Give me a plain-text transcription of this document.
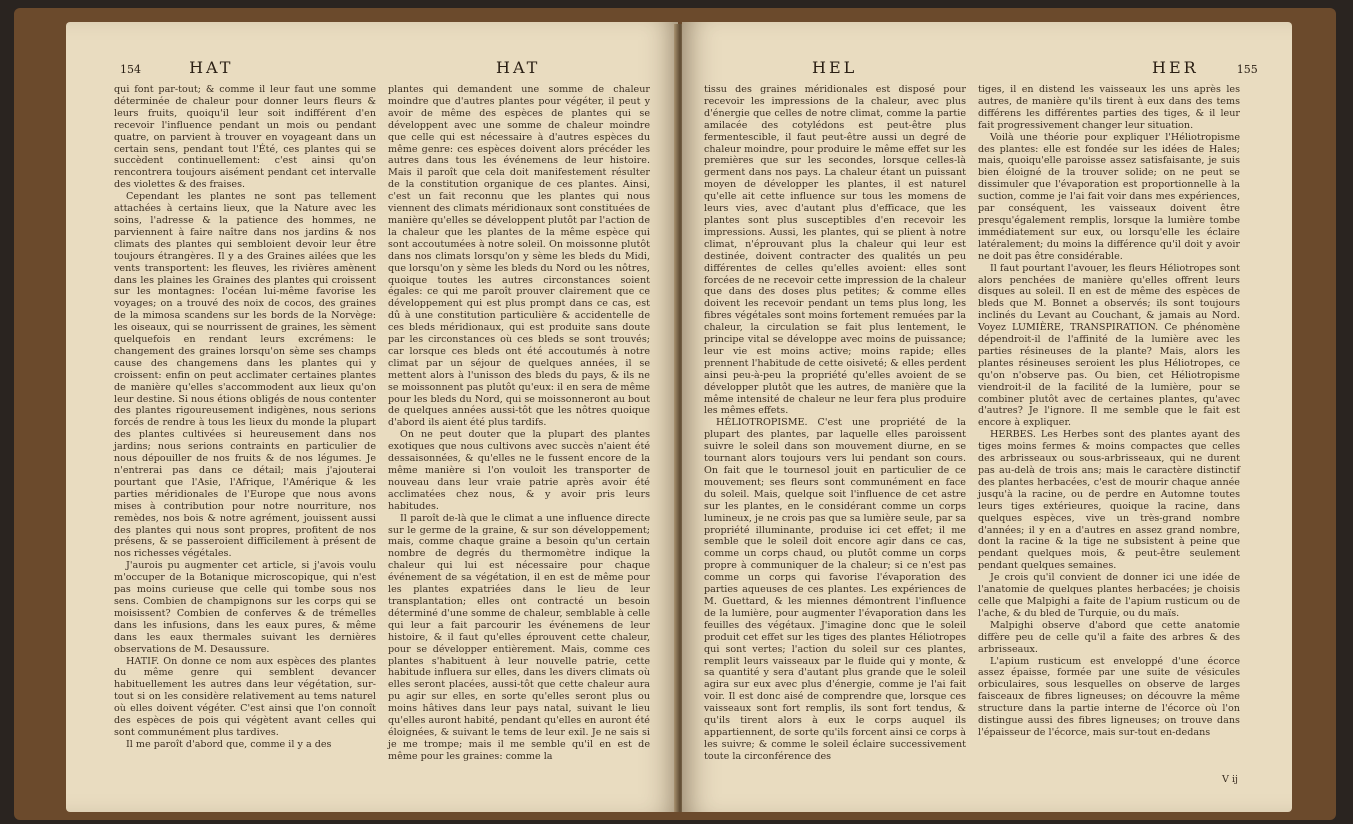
154	HAT	HAT

qui font par-tout; & comme il leur faut une somme déterminée de chaleur pour donner leurs fleurs & leurs fruits, quoiqu'il leur soit indifférent d'en recevoir l'influence pendant un mois ou pendant quatre, on parvient à trouver en voyageant dans un certain sens, pendant tout l'Été, ces plantes qui se succèdent continuellement: c'est ainsi qu'on rencontrera toujours aisément pendant cet intervalle des violettes & des fraises.

Cependant les plantes ne sont pas tellement attachées à certains lieux, que la Nature avec les soins, l'adresse & la patience des hommes, ne parviennent à faire naître dans nos jardins & nos climats des plantes qui sembloient devoir leur être toujours étrangères. Il y a des Graines ailées que les vents transportent: les fleuves, les rivières amènent dans les plaines les Graines des plantes qui croissent sur les montagnes: l'océan lui-même favorise les voyages; on a trouvé des noix de cocos, des graines de la mimosa scandens sur les bords de la Norvège: les oiseaux, qui se nourrissent de graines, les sèment quelquefois en rendant leurs excrémens: le changement des graines lorsqu'on sème ses champs cause des changemens dans les plantes qui y croissent: enfin on peut acclimater certaines plantes de manière qu'elles s'accommodent aux lieux qu'on leur destine. Si nous étions obligés de nous contenter des plantes rigoureusement indigènes, nous serions forcés de rendre à tous les lieux du monde la plupart des plantes cultivées si heureusement dans nos jardins; nous serions contraints en particulier de nous dépouiller de nos fruits & de nos légumes. Je n'entrerai pas dans ce détail; mais j'ajouterai pourtant que l'Asie, l'Afrique, l'Amérique & les parties méridionales de l'Europe que nous avons mises à contribution pour notre nourriture, nos remèdes, nos bois & notre agrément, jouissent aussi des plantes qui nous sont propres, profitent de nos présens, & se passeroient difficilement à présent de nos richesses végétales.

J'aurois pu augmenter cet article, si j'avois voulu m'occuper de la Botanique microscopique, qui n'est pas moins curieuse que celle qui tombe sous nos sens. Combien de champignons sur les corps qui se moisissent? Combien de conferves & de trémelles dans les infusions, dans les eaux pures, & même dans les eaux thermales suivant les dernières observations de M. Desaussure.

HATIF. On donne ce nom aux espèces des plantes du même genre qui semblent devancer habituellement les autres dans leur végétation, sur-tout si on les considère relativement au tems naturel où elles doivent végéter. C'est ainsi que l'on connoît des espèces de pois qui végètent avant celles qui sont communément plus tardives.

Il me paroît d'abord que, comme il y a des

plantes qui demandent une somme de chaleur moindre que d'autres plantes pour végéter, il peut y avoir de même des espèces de plantes qui se développent avec une somme de chaleur moindre que celle qui est nécessaire à d'autres espèces du même genre: ces espèces doivent alors précéder les autres dans tous les événemens de leur histoire. Mais il paroît que cela doit manifestement résulter de la constitution organique de ces plantes. Ainsi, c'est un fait reconnu que les plantes qui nous viennent des climats méridionaux sont constituées de manière qu'elles se développent plutôt par l'action de la chaleur que les plantes de la même espèce qui sont accoutumées à notre soleil. On moissonne plutôt dans nos climats lorsqu'on y sème les bleds du Midi, que lorsqu'on y sème les bleds du Nord ou les nôtres, quoique toutes les autres circonstances soient égales: ce qui me paroît prouver clairement que ce développement qui est plus prompt dans ce cas, est dû à une constitution particulière & accidentelle de ces bleds méridionaux, qui est produite sans doute par les circonstances où ces bleds se sont trouvés; car lorsque ces bleds ont été accoutumés à notre climat par un séjour de quelques années, il se mettent alors à l'unisson des bleds du pays, & ils ne se moissonnent pas plutôt qu'eux: il en sera de même pour les bleds du Nord, qui se moissonneront au bout de quelques années aussi-tôt que les nôtres quoique d'abord ils aient été plus tardifs.

On ne peut douter que la plupart des plantes exotiques que nous cultivons avec succès n'aient été dessaisonnées, & qu'elles ne le fussent encore de la même manière si l'on vouloit les transporter de nouveau dans leur vraie patrie après avoir été acclimatées chez nous, & y avoir pris leurs habitudes.

Il paroît de-là que le climat a une influence directe sur le germe de la graine, & sur son développement; mais, comme chaque graine a besoin qu'un certain nombre de degrés du thermomètre indique la chaleur qui lui est nécessaire pour chaque événement de sa végétation, il en est de même pour les plantes expatriées dans le lieu de leur transplantation; elles ont contracté un besoin déterminé d'une somme de chaleur, semblable à celle qui leur a fait parcourir les événemens de leur histoire, & il faut qu'elles éprouvent cette chaleur, pour se développer entièrement. Mais, comme ces plantes s'habituent à leur nouvelle patrie, cette habitude influera sur elles, dans les divers climats où elles seront placées, aussi-tôt que cette chaleur aura pu agir sur elles, en sorte qu'elles seront plus ou moins hâtives dans leur pays natal, suivant le lieu qu'elles auront habité, pendant qu'elles en auront été éloignées, & suivant le tems de leur exil. Je ne sais si je me trompe; mais il me semble qu'il en est de même pour les graines: comme la

HEL	HER	155

tissu des graines méridionales est disposé pour recevoir les impressions de la chaleur, avec plus d'énergie que celles de notre climat, comme la partie amilacée des cotylédons est peut-être plus fermentescible, il faut peut-être aussi un degré de chaleur moindre, pour produire le même effet sur les premières que sur les secondes, lorsque celles-là germent dans nos pays. La chaleur étant un puissant moyen de développer les plantes, il est naturel qu'elle ait cette influence sur tous les momens de leurs vies, avec d'autant plus d'efficace, que les plantes sont plus susceptibles d'en recevoir les impressions. Aussi, les plantes, qui se plient à notre climat, n'éprouvant plus la chaleur qui leur est destinée, doivent contracter des qualités un peu différentes de celles qu'elles avoient: elles sont forcées de ne recevoir cette impression de la chaleur que dans des doses plus petites; & comme elles doivent les recevoir pendant un tems plus long, les fibres végétales sont moins fortement remuées par la chaleur, la circulation se fait plus lentement, le principe vital se développe avec moins de puissance; leur vie est moins active; moins rapide; elles prennent l'habitude de cette oisiveté; & elles perdent ainsi peu-à-peu la propriété qu'elles avoient de se développer plutôt que les autres, de manière que la même intensité de chaleur ne leur fera plus produire les mêmes effets.

HÉLIOTROPISME. C'est une propriété de la plupart des plantes, par laquelle elles paroissent suivre le soleil dans son mouvement diurne, en se tournant alors toujours vers lui pendant son cours. On fait que le tournesol jouit en particulier de ce mouvement; ses fleurs sont communément en face du soleil. Mais, quelque soit l'influence de cet astre sur les plantes, en le considérant comme un corps lumineux, je ne crois pas que sa lumière seule, par sa propriété illuminante, produise ici cet effet; il me semble que le soleil doit encore agir dans ce cas, comme un corps chaud, ou plutôt comme un corps propre à communiquer de la chaleur; si ce n'est pas comme un corps qui favorise l'évaporation des parties aqueuses de ces plantes. Les expériences de M. Guettard, & les miennes démontrent l'influence de la lumière, pour augmenter l'évaporation dans les feuilles des végétaux. J'imagine donc que le soleil produit cet effet sur les tiges des plantes Héliotropes qui sont vertes; l'action du soleil sur ces plantes, remplit leurs vaisseaux par le fluide qui y monte, & sa quantité y sera d'autant plus grande que le soleil agira sur eux avec plus d'énergie, comme je l'ai fait voir. Il est donc aisé de comprendre que, lorsque ces vaisseaux sont fort remplis, ils sont fort tendus, & qu'ils tirent alors à eux le corps auquel ils appartiennent, de sorte qu'ils forcent ainsi ce corps à les suivre; & comme le soleil éclaire successivement toute la circonférence des

tiges, il en distend les vaisseaux les uns après les autres, de manière qu'ils tirent à eux dans des tems différens les différentes parties des tiges, & il leur fait progressivement changer leur situation.

Voilà une théorie pour expliquer l'Héliotropisme des plantes: elle est fondée sur les idées de Hales; mais, quoiqu'elle paroisse assez satisfaisante, je suis bien éloigné de la trouver solide; on ne peut se dissimuler que l'évaporation est proportionnelle à la suction, comme je l'ai fait voir dans mes expériences, par conséquent, les vaisseaux doivent être presqu'également remplis, lorsque la lumière tombe immédiatement sur eux, ou lorsqu'elle les éclaire latéralement; du moins la différence qu'il doit y avoir ne doit pas être considérable.

Il faut pourtant l'avouer, les fleurs Héliotropes sont alors penchées de manière qu'elles offrent leurs disques au soleil. Il en est de même des espèces de bleds que M. Bonnet a observés; ils sont toujours inclinés du Levant au Couchant, & jamais au Nord. Voyez LUMIÈRE, TRANSPIRATION. Ce phénomène dépendroit-il de l'affinité de la lumière avec les parties résineuses de la plante? Mais, alors les plantes résineuses seroient les plus Héliotropes, ce qu'on n'observe pas. Ou bien, cet Héliotropisme viendroit-il de la facilité de la lumière, pour se combiner plutôt avec de certaines plantes, qu'avec d'autres? Je l'ignore. Il me semble que le fait est encore à expliquer.

HERBES. Les Herbes sont des plantes ayant des tiges moins fermes & moins compactes que celles des arbrisseaux ou sous-arbrisseaux, qui ne durent pas au-delà de trois ans; mais le caractère distinctif des plantes herbacées, c'est de mourir chaque année jusqu'à la racine, ou de perdre en Automne toutes leurs tiges extérieures, quoique la racine, dans quelques espèces, vive un très-grand nombre d'années; il y en a d'autres en assez grand nombre, dont la racine & la tige ne subsistent à peine que pendant quelques mois, & peut-être seulement pendant quelques semaines.

Je crois qu'il convient de donner ici une idée de l'anatomie de quelques plantes herbacées; je choisis celle que Malpighi a faite de l'apium rusticum ou de l'ache, & du bled de Turquie, ou du maïs.

Malpighi observe d'abord que cette anatomie diffère peu de celle qu'il a faite des arbres & des arbrisseaux.

L'apium rusticum est enveloppé d'une écorce assez épaisse, formée par une suite de vésicules orbiculaires, sous lesquelles on observe de larges faisceaux de fibres ligneuses; on découvre la même structure dans la partie interne de l'écorce où l'on distingue aussi des fibres ligneuses; on trouve dans l'épaisseur de l'écorce, mais sur-tout en-dedans

V ij
